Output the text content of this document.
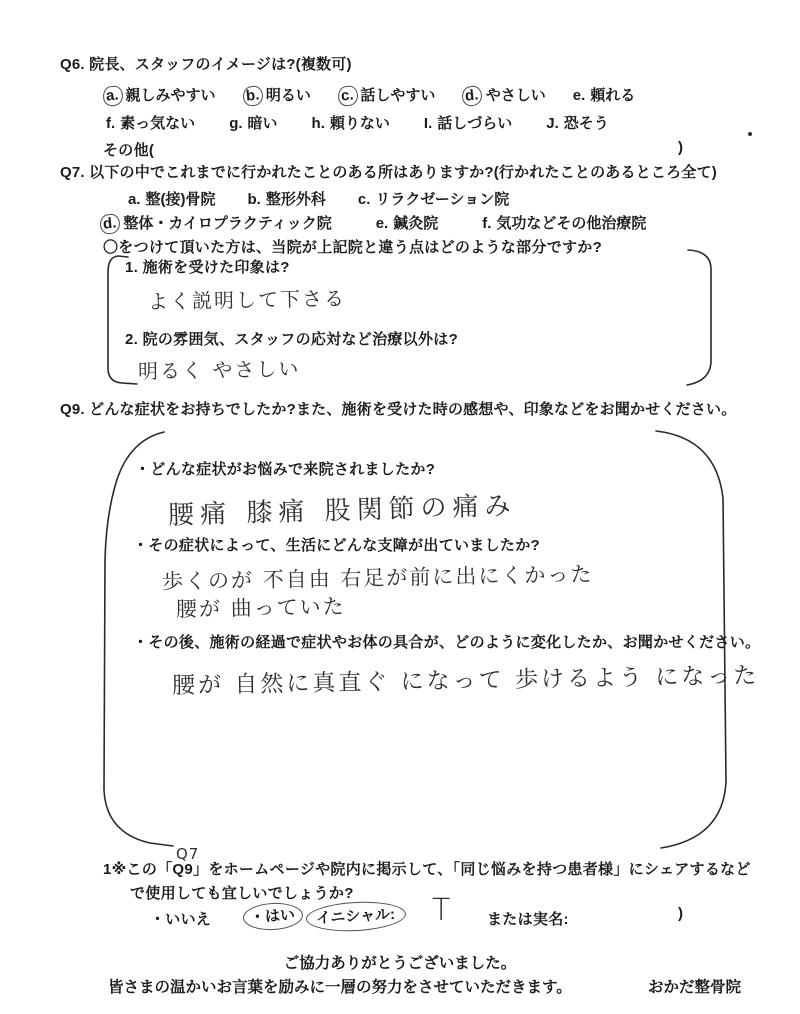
Q6. 院長、スタッフのイメージは?(複数可)
a. 親しみやすい b. 明るい c. 話しやすい d. やさしい e. 頼れる
f. 素っ気ない g. 暗い h. 頼りない I. 話しづらい J. 恐そう
その他(	)
Q7. 以下の中でこれまでに行かれたことのある所はありますか?(行かれたことのあるところ全て)
a. 整(接)骨院 b. 整形外科 c. リラクゼーション院
d. 整体・カイロプラクティック院	e. 鍼灸院	f. 気功などその他治療院
〇をつけて頂いた方は、当院が上記院と違う点はどのような部分ですか?
1. 施術を受けた印象は?
よく説明して下さる
2. 院の雰囲気、スタッフの応対など治療以外は?
明るく やさしい
Q9. どんな症状をお持ちでしたか?また、施術を受けた時の感想や、印象などをお聞かせください。
・どんな症状がお悩みで来院されましたか?
腰痛 膝痛 股関節の痛み
・その症状によって、生活にどんな支障が出ていましたか?
歩くのが 不自由 右足が前に出にくかった
腰が 曲っていた
・その後、施術の経過で症状やお体の具合が、どのように変化したか、お聞かせください。
腰が 自然に真直ぐ になって 歩けるよう になった
Q7
1※この「Q9」をホームページや院内に掲示して、「同じ悩みを持つ患者様」にシェアするなど
で使用しても宜しいでしょうか?
・いいえ	・はい	イニシャル:	T または実名:	)
ご協力ありがとうございました。
皆さまの温かいお言葉を励みに一層の努力をさせていただきます。	おかだ整骨院
